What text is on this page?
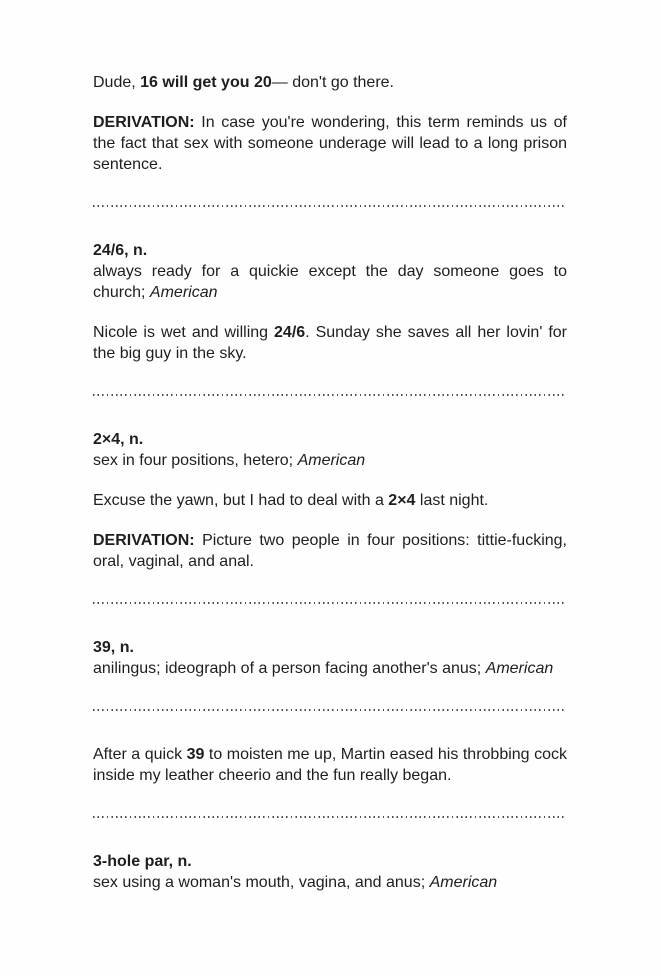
Dude, 16 will get you 20— don't go there.

DERIVATION: In case you're wondering, this term reminds us of the fact that sex with someone underage will lead to a long prison sentence.

24/6, n.

always ready for a quickie except the day someone goes to church; American

Nicole is wet and willing 24/6. Sunday she saves all her lovin' for the big guy in the sky.

2×4, n.

sex in four positions, hetero; American

Excuse the yawn, but I had to deal with a 2×4 last night.

DERIVATION: Picture two people in four positions: tittie-fucking, oral, vaginal, and anal.

39, n.

anilingus; ideograph of a person facing another's anus; American

After a quick 39 to moisten me up, Martin eased his throbbing cock inside my leather cheerio and the fun really began.

3-hole par, n.

sex using a woman's mouth, vagina, and anus; American
